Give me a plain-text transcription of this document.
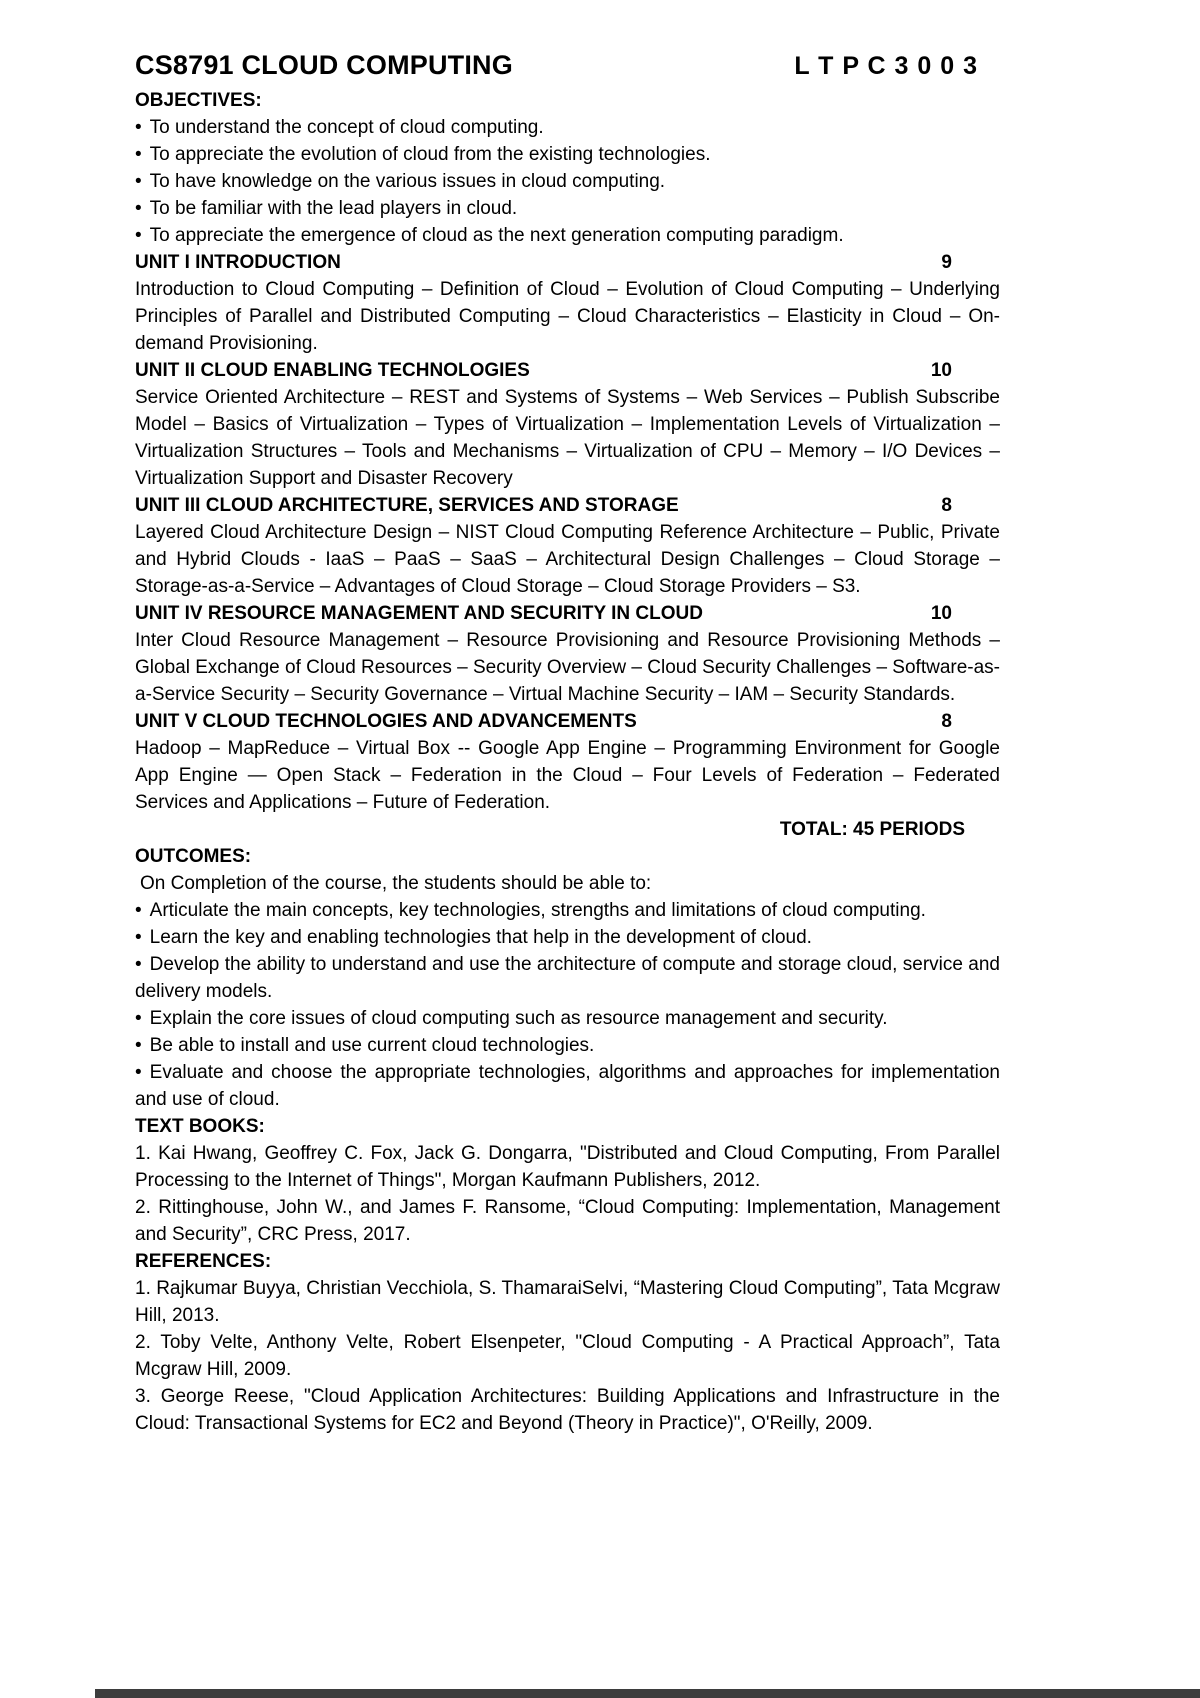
CS8791 CLOUD COMPUTING	L T P C 3 0 0 3
OBJECTIVES:

• To understand the concept of cloud computing.

• To appreciate the evolution of cloud from the existing technologies.

• To have knowledge on the various issues in cloud computing.

• To be familiar with the lead players in cloud.

• To appreciate the emergence of cloud as the next generation computing paradigm.

UNIT I INTRODUCTION	9

Introduction to Cloud Computing – Definition of Cloud – Evolution of Cloud Computing – Underlying Principles of Parallel and Distributed Computing – Cloud Characteristics – Elasticity in Cloud – On-demand Provisioning.

UNIT II CLOUD ENABLING TECHNOLOGIES	10

Service Oriented Architecture – REST and Systems of Systems – Web Services – Publish Subscribe Model – Basics of Virtualization – Types of Virtualization – Implementation Levels of Virtualization – Virtualization Structures – Tools and Mechanisms – Virtualization of CPU – Memory – I/O Devices – Virtualization Support and Disaster Recovery

UNIT III CLOUD ARCHITECTURE, SERVICES AND STORAGE	8

Layered Cloud Architecture Design – NIST Cloud Computing Reference Architecture – Public, Private and Hybrid Clouds - IaaS – PaaS – SaaS – Architectural Design Challenges – Cloud Storage – Storage-as-a-Service – Advantages of Cloud Storage – Cloud Storage Providers – S3.

UNIT IV RESOURCE MANAGEMENT AND SECURITY IN CLOUD	10

Inter Cloud Resource Management – Resource Provisioning and Resource Provisioning Methods – Global Exchange of Cloud Resources – Security Overview – Cloud Security Challenges – Software-as-a-Service Security – Security Governance – Virtual Machine Security – IAM – Security Standards.

UNIT V CLOUD TECHNOLOGIES AND ADVANCEMENTS	8

Hadoop – MapReduce – Virtual Box -- Google App Engine – Programming Environment for Google App Engine — Open Stack – Federation in the Cloud – Four Levels of Federation – Federated Services and Applications – Future of Federation.

TOTAL: 45 PERIODS
OUTCOMES:

On Completion of the course, the students should be able to:

• Articulate the main concepts, key technologies, strengths and limitations of cloud computing.

• Learn the key and enabling technologies that help in the development of cloud.

• Develop the ability to understand and use the architecture of compute and storage cloud, service and delivery models.

• Explain the core issues of cloud computing such as resource management and security.

• Be able to install and use current cloud technologies.

• Evaluate and choose the appropriate technologies, algorithms and approaches for implementation and use of cloud.

TEXT BOOKS:

1. Kai Hwang, Geoffrey C. Fox, Jack G. Dongarra, "Distributed and Cloud Computing, From Parallel Processing to the Internet of Things", Morgan Kaufmann Publishers, 2012.

2. Rittinghouse, John W., and James F. Ransome, “Cloud Computing: Implementation, Management and Security”, CRC Press, 2017.

REFERENCES:

1. Rajkumar Buyya, Christian Vecchiola, S. ThamaraiSelvi, “Mastering Cloud Computing”, Tata Mcgraw Hill, 2013.

2. Toby Velte, Anthony Velte, Robert Elsenpeter, "Cloud Computing - A Practical Approach”, Tata Mcgraw Hill, 2009.

3. George Reese, "Cloud Application Architectures: Building Applications and Infrastructure in the Cloud: Transactional Systems for EC2 and Beyond (Theory in Practice)", O'Reilly, 2009.
